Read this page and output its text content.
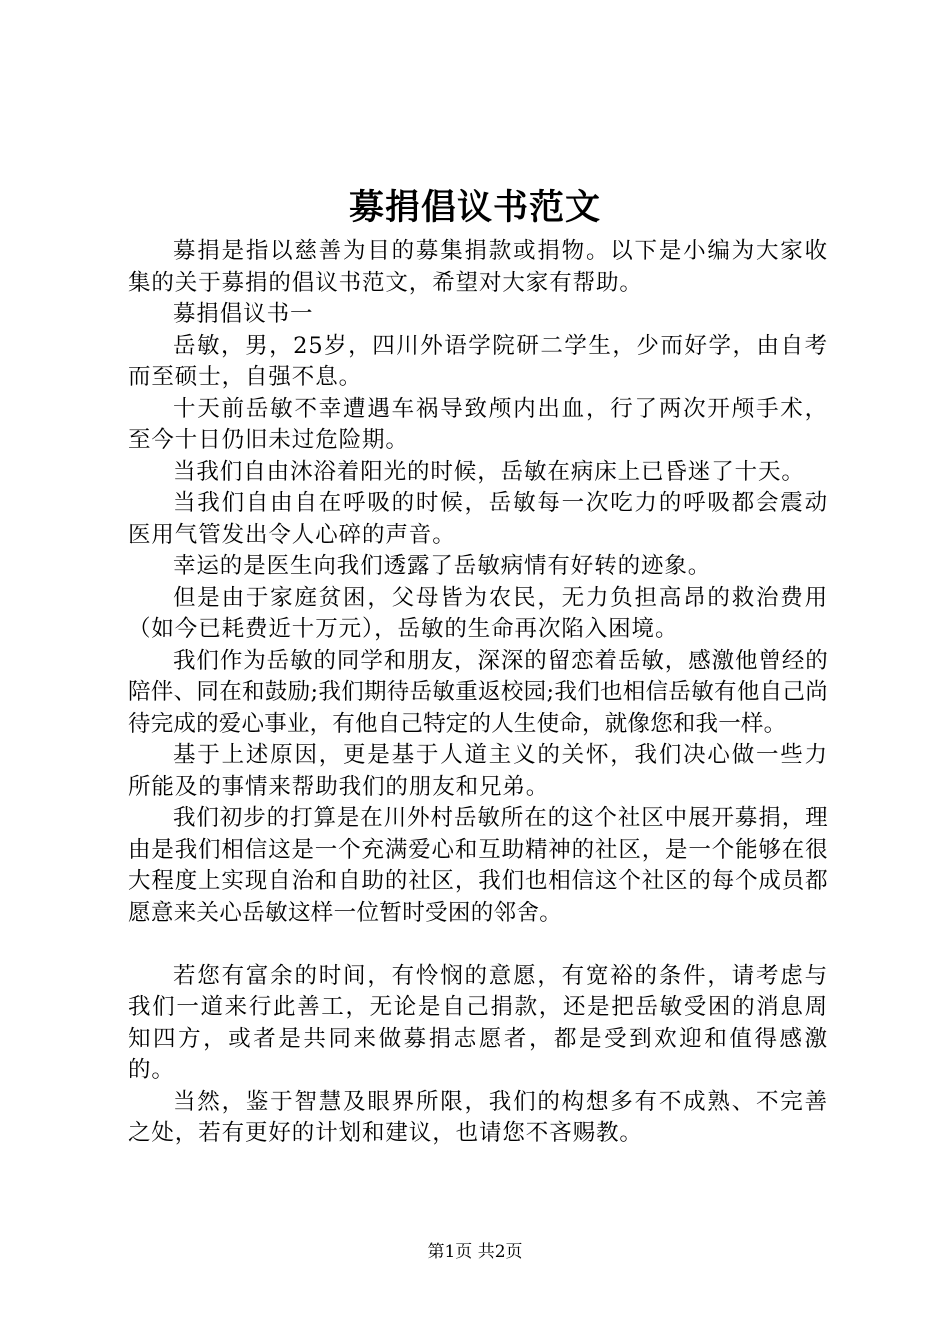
募捐倡议书范文

募捐是指以慈善为目的募集捐款或捐物。以下是小编为大家收集的关于募捐的倡议书范文，希望对大家有帮助。

募捐倡议书一

岳敏，男，25岁，四川外语学院研二学生，少而好学，由自考而至硕士，自强不息。

十天前岳敏不幸遭遇车祸导致颅内出血，行了两次开颅手术，至今十日仍旧未过危险期。

当我们自由沐浴着阳光的时候，岳敏在病床上已昏迷了十天。

当我们自由自在呼吸的时候，岳敏每一次吃力的呼吸都会震动医用气管发出令人心碎的声音。

幸运的是医生向我们透露了岳敏病情有好转的迹象。

但是由于家庭贫困，父母皆为农民，无力负担高昂的救治费用（如今已耗费近十万元），岳敏的生命再次陷入困境。

我们作为岳敏的同学和朋友，深深的留恋着岳敏，感激他曾经的陪伴、同在和鼓励;我们期待岳敏重返校园;我们也相信岳敏有他自己尚待完成的爱心事业，有他自己特定的人生使命，就像您和我一样。

基于上述原因，更是基于人道主义的关怀，我们决心做一些力所能及的事情来帮助我们的朋友和兄弟。

我们初步的打算是在川外村岳敏所在的这个社区中展开募捐，理由是我们相信这是一个充满爱心和互助精神的社区，是一个能够在很大程度上实现自治和自助的社区，我们也相信这个社区的每个成员都愿意来关心岳敏这样一位暂时受困的邻舍。

若您有富余的时间，有怜悯的意愿，有宽裕的条件，请考虑与我们一道来行此善工，无论是自己捐款，还是把岳敏受困的消息周知四方，或者是共同来做募捐志愿者，都是受到欢迎和值得感激的。

当然，鉴于智慧及眼界所限，我们的构想多有不成熟、不完善之处，若有更好的计划和建议，也请您不吝赐教。

第1页 共2页
